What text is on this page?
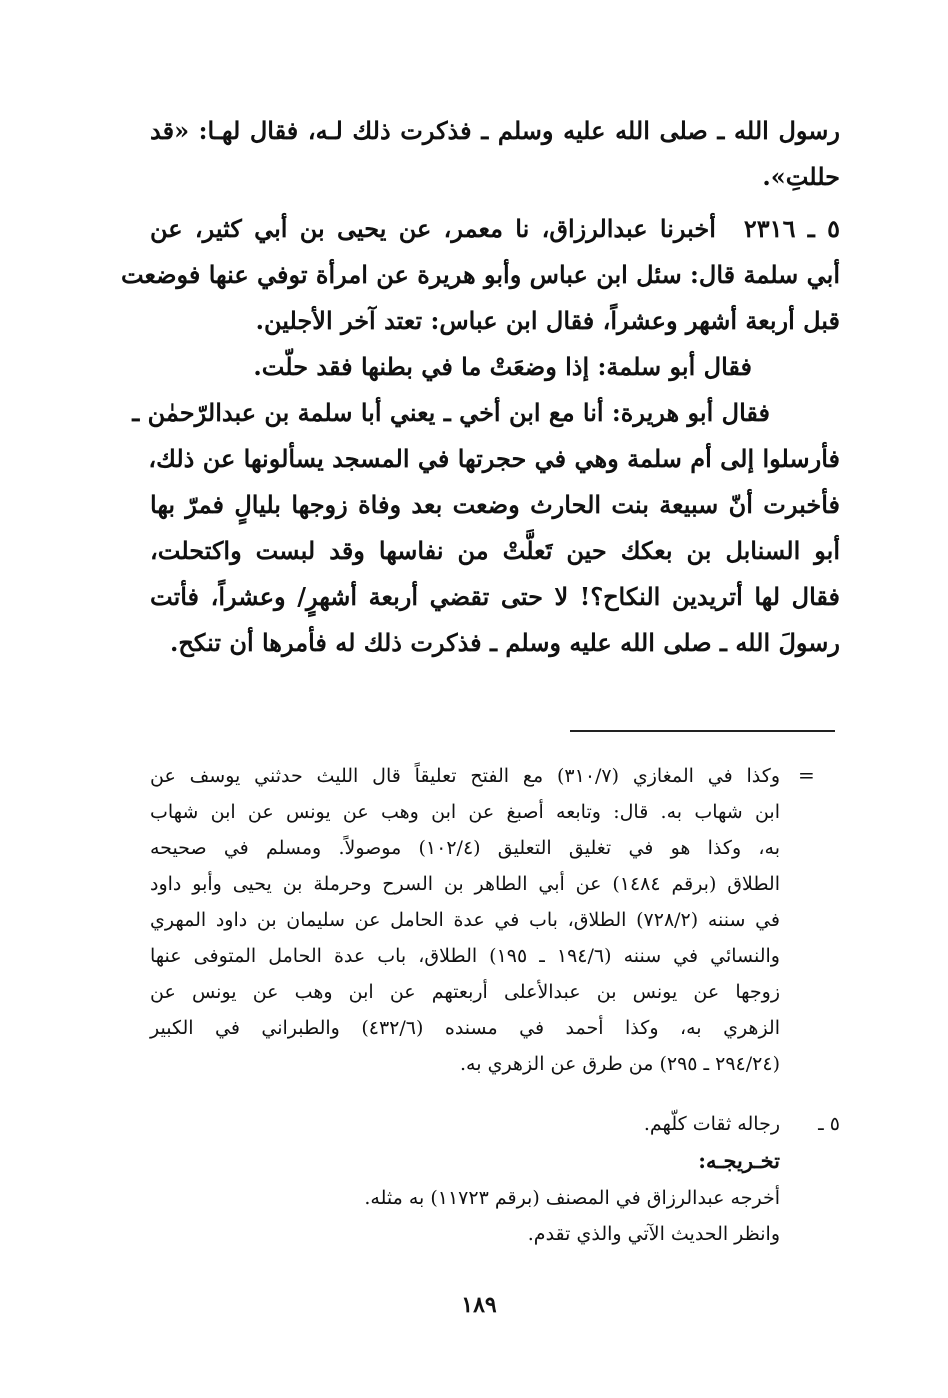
رسول الله ـ صلى الله عليه وسلم ـ فذكرت ذلك لـه، فقال لهـا: «قد
حللتِ».
٥ ـ ٢٣١٦أخبرنا عبدالرزاق، نا معمر، عن يحيى بن أبي كثير، عن
أبي سلمة قال: سئل ابن عباس وأبو هريرة عن امرأة توفي عنها فوضعت
قبل أربعة أشهر وعشراً، فقال ابن عباس: تعتد آخر الأجلين.
فقال أبو سلمة: إذا وضعَتْ ما في بطنها فقد حلّت.
فقال أبو هريرة: أنا مع ابن أخي ـ يعني أبا سلمة بن عبدالرّحمٰن ـ
فأرسلوا إلى أم سلمة وهي في حجرتها في المسجد يسألونها عن ذلك،
فأخبرت أنّ سبيعة بنت الحارث وضعت بعد وفاة زوجها بليالٍ فمرّ بها
أبو السنابل بن بعكك حين تَعلَّتْ من نفاسها وقد لبست واكتحلت،
فقال لها أتريدين النكاح؟! لا حتى تقضي أربعة أشهرٍ/ وعشراً، فأتت
رسولَ الله ـ صلى الله عليه وسلم ـ فذكرت ذلك له فأمرها أن تنكح.
=
وكذا في المغازي (٣١٠/٧) مع الفتح تعليقاً قال الليث حدثني يوسف عن
ابن شهاب به. قال: وتابعه أصبغ عن ابن وهب عن يونس عن ابن شهاب
به، وكذا هو في تغليق التعليق (١٠٢/٤) موصولاً. ومسلم في صحيحه
الطلاق (برقم ١٤٨٤) عن أبي الطاهر بن السرح وحرملة بن يحيى وأبو داود
في سننه (٧٢٨/٢) الطلاق، باب في عدة الحامل عن سليمان بن داود المهري
والنسائي في سننه (١٩٤/٦ ـ ١٩٥) الطلاق، باب عدة الحامل المتوفى عنها
زوجها عن يونس بن عبدالأعلى أربعتهم عن ابن وهب عن يونس عن
الزهري به، وكذا أحمد في مسنده (٤٣٢/٦) والطبراني في الكبير
(٢٩٤/٢٤ ـ ٢٩٥) من طرق عن الزهري به.
٥ ـ
رجاله ثقات كلّهم.
تخـريجـه:
أخرجه عبدالرزاق في المصنف (برقم ١١٧٢٣) به مثله.
وانظر الحديث الآتي والذي تقدم.
١٨٩
